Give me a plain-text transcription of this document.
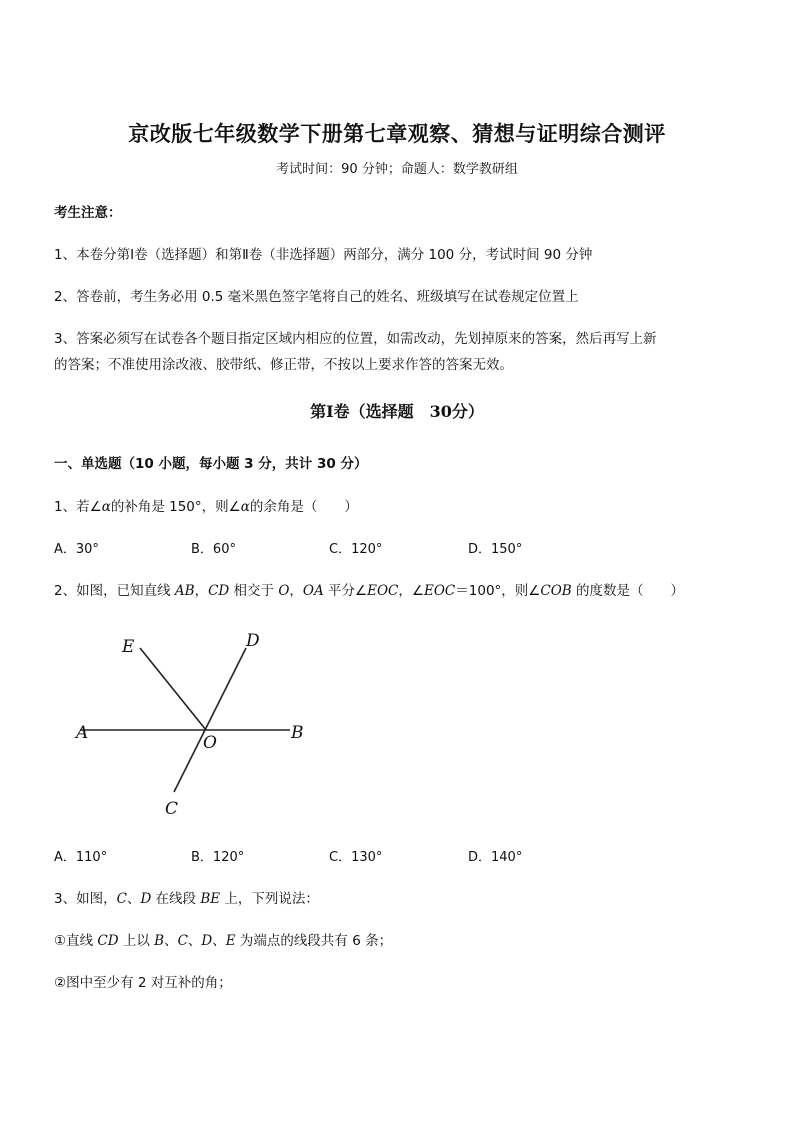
京改版七年级数学下册第七章观察、猜想与证明综合测评
考试时间：90 分钟；命题人：数学教研组
考生注意：
1、本卷分第Ⅰ卷（选择题）和第Ⅱ卷（非选择题）两部分，满分 100 分，考试时间 90 分钟
2、答卷前，考生务必用 0.5 毫米黑色签字笔将自己的姓名、班级填写在试卷规定位置上
3、答案必须写在试卷各个题目指定区域内相应的位置，如需改动，先划掉原来的答案，然后再写上新
的答案；不准使用涂改液、胶带纸、修正带，不按以上要求作答的答案无效。
第Ⅰ卷（选择题　30分）
一、单选题（10 小题，每小题 3 分，共计 30 分）
1、若∠α的补角是 150°，则∠α的余角是（　　）
A．30°	B．60°	C．120°	D．150°
2、如图，已知直线 AB，CD 相交于 O，OA 平分∠EOC，∠EOC＝100°，则∠COB 的度数是（　　）
A	B
C
D
E
O
A．110°	B．120°	C．130°	D．140°
3、如图，C、D 在线段 BE 上，下列说法：
①直线 CD 上以 B、C、D、E 为端点的线段共有 6 条；
②图中至少有 2 对互补的角；
